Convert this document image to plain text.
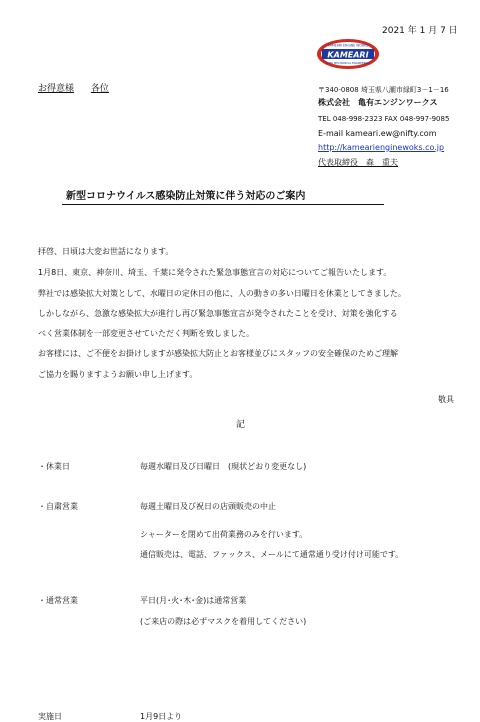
2021 年 1 月 7 日
KAMEARI
KAMEARI ENGINE WORKS
AUTO MECHANICAL ENGINEERING
お得意様 各位	〒340-0808 埼玉県八潮市緑町3－1－16
株式会社　亀有エンジンワークス
TEL 048-998-2323 FAX 048-997-9085
E-mail kameari.ew@nifty.com
http://kamearienginewoks.co.jp
代表取締役　森　重夫
新型コロナウイルス感染防止対策に伴う対応のご案内
拝啓、日頃は大変お世話になります。
1月8日、東京、神奈川、埼玉、千葉に発令された緊急事態宣言の対応についてご報告いたします。
弊社では感染拡大対策として、水曜日の定休日の他に、人の動きの多い日曜日を休業としてきました。
しかしながら、急激な感染拡大が進行し再び緊急事態宣言が発令されたことを受け、対策を強化する
べく営業体制を一部変更させていただく判断を致しました。
お客様には、ご不便をお掛けしますが感染拡大防止とお客様並びにスタッフの安全確保のためご理解
ご協力を賜りますようお願い申し上げます。
敬具
記
・休業日	毎週水曜日及び日曜日　(現状どおり変更なし)
・自粛営業	毎週土曜日及び祝日の店頭販売の中止
シャーターを閉めて出荷業務のみを行います。
通信販売は、電話、ファックス、メールにて通常通り受け付け可能です。
・通常営業	平日(月･火･木･金)は通常営業
(ご来店の際は必ずマスクを着用してください)
実施日	1月9日より
